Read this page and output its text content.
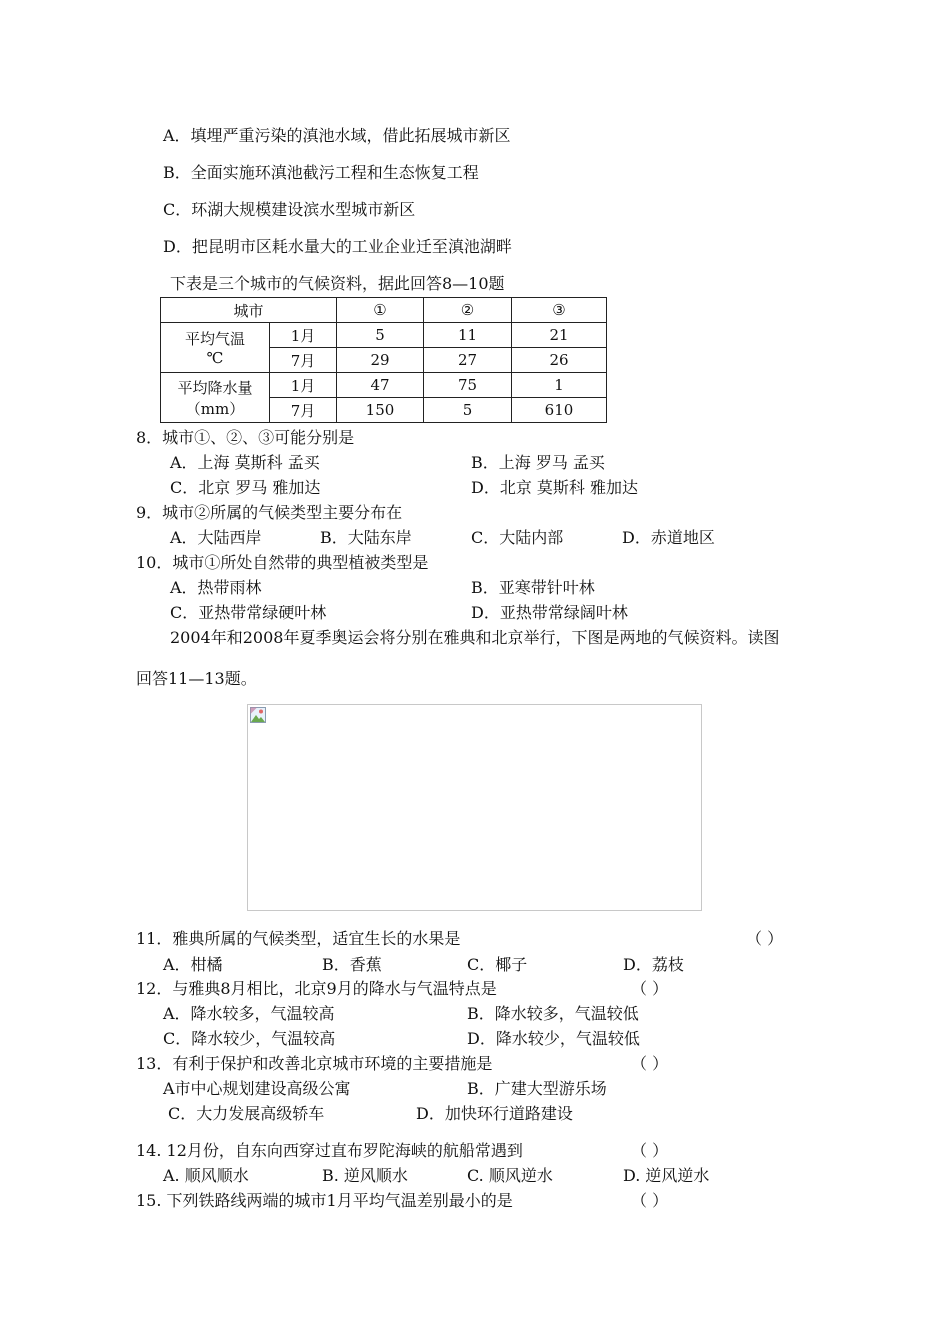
A．填埋严重污染的滇池水域，借此拓展城市新区
B．全面实施环滇池截污工程和生态恢复工程
C．环湖大规模建设滨水型城市新区
D．把昆明市区耗水量大的工业企业迁至滇池湖畔
下表是三个城市的气候资料，据此回答8—10题
城市		①	②	③

平均气温
℃	1月	5	11	21
	7月	29	27	26

平均降水量
（mm）	1月	47	75	1
	7月	150	5	610
8．城市①、②、③可能分别是
A．上海 莫斯科 孟买	B．上海 罗马 孟买
C．北京 罗马 雅加达	D．北京 莫斯科 雅加达
9．城市②所属的气候类型主要分布在
A．大陆西岸	B．大陆东岸	C．大陆内部	D．赤道地区
10．城市①所处自然带的典型植被类型是
A．热带雨林	B．亚寒带针叶林
C．亚热带常绿硬叶林	D．亚热带常绿阔叶林
2004年和2008年夏季奥运会将分别在雅典和北京举行，下图是两地的气候资料。读图
回答11—13题。
11．雅典所属的气候类型，适宜生长的水果是	（ ）
A．柑橘	B．香蕉	C．椰子	D．荔枝
12．与雅典8月相比，北京9月的降水与气温特点是	（ ）
A．降水较多，气温较高	B．降水较多，气温较低
C．降水较少，气温较高	D．降水较少，气温较低
13．有利于保护和改善北京城市环境的主要措施是	（ ）
A市中心规划建设高级公寓	B．广建大型游乐场
C．大力发展高级轿车	D．加快环行道路建设
14. 12月份，自东向西穿过直布罗陀海峡的航船常遇到	（ ）
A. 顺风顺水	B. 逆风顺水	C. 顺风逆水	D. 逆风逆水
15. 下列铁路线两端的城市1月平均气温差别最小的是	（ ）
